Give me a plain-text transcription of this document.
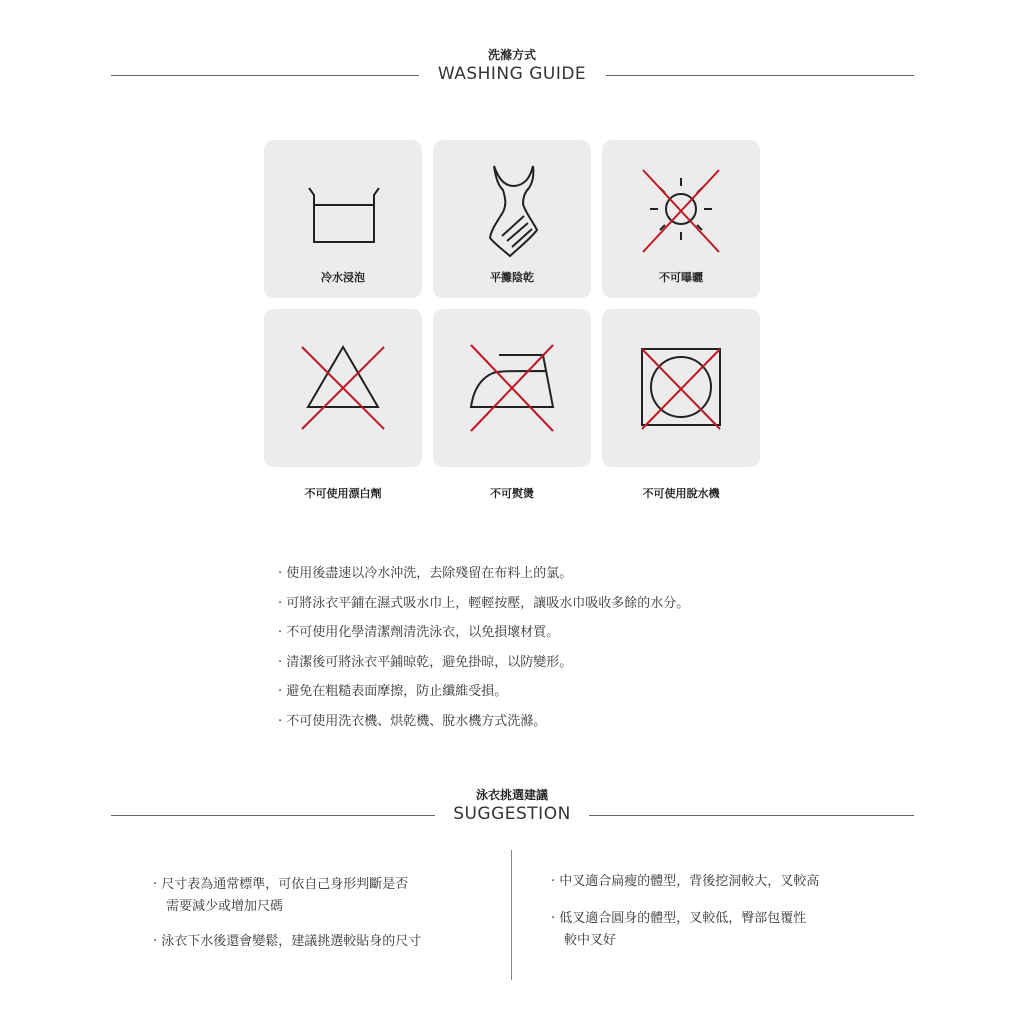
洗滌方式
WASHING GUIDE
冷水浸泡	平攤陰乾	不可曝曬
不可使用漂白劑	不可熨燙	不可使用脫水機
‧ 使用後盡速以冷水沖洗，去除殘留在布料上的氯。
‧ 可將泳衣平鋪在濕式吸水巾上，輕輕按壓，讓吸水巾吸收多餘的水分。
‧ 不可使用化學清潔劑清洗泳衣，以免損壞材質。
‧ 清潔後可將泳衣平鋪晾乾，避免掛晾，以防變形。
‧ 避免在粗糙表面摩擦，防止纖維受損。
‧ 不可使用洗衣機、烘乾機、脫水機方式洗滌。
泳衣挑選建議
SUGGESTION
‧ 尺寸表為通常標準，可依自己身形判斷是否
需要減少或增加尺碼
‧ 泳衣下水後還會變鬆，建議挑選較貼身的尺寸
‧ 中叉適合扁瘦的體型，背後挖洞較大，叉較高
‧ 低叉適合圓身的體型，叉較低，臀部包覆性
較中叉好
